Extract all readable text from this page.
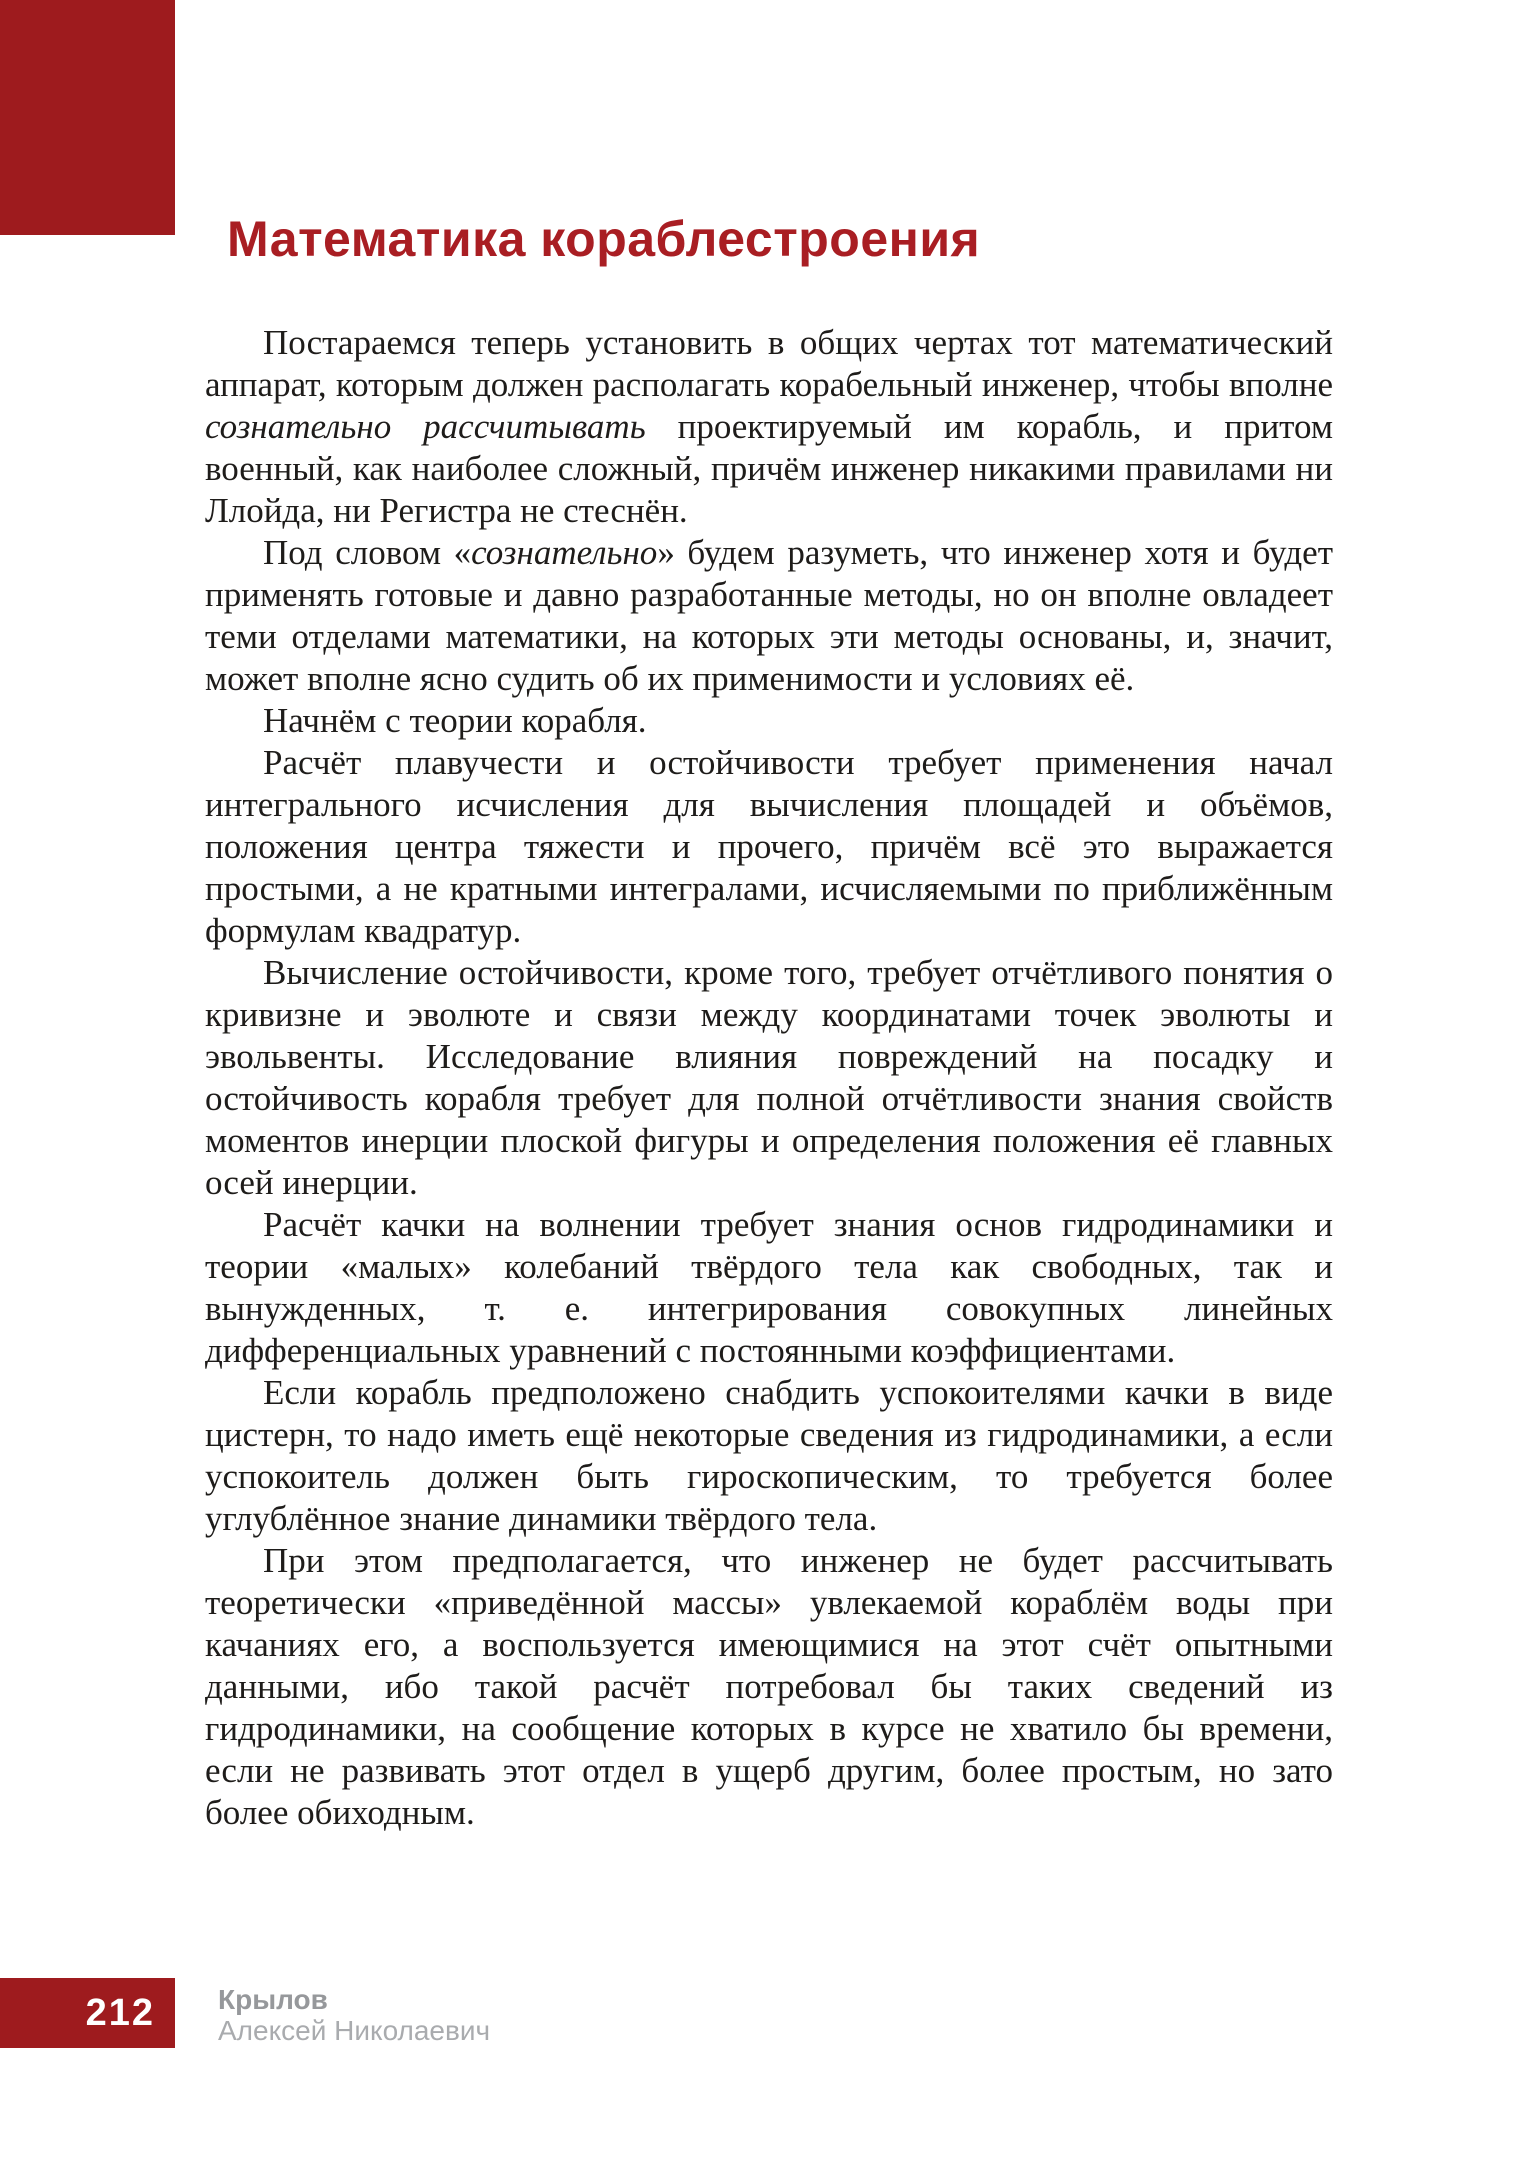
Математика кораблестроения

Постараемся теперь установить в общих чертах тот математический аппарат, которым должен располагать корабельный инженер, чтобы вполне сознательно рассчитывать проектируемый им корабль, и притом военный, как наиболее сложный, причём инженер никакими правилами ни Ллойда, ни Регистра не стеснён.

Под словом «сознательно» будем разуметь, что инженер хотя и будет применять готовые и давно разработанные методы, но он вполне овладеет теми отделами математики, на которых эти методы основаны, и, значит, может вполне ясно судить об их применимости и условиях её.

Начнём с теории корабля.

Расчёт плавучести и остойчивости требует применения начал интегрального исчисления для вычисления площадей и объёмов, положения центра тяжести и прочего, причём всё это выражается простыми, а не кратными интегралами, исчисляемыми по приближённым формулам квадратур.

Вычисление остойчивости, кроме того, требует отчётливого понятия о кривизне и эволюте и связи между координатами точек эволюты и эвольвенты. Исследование влияния повреждений на посадку и остойчивость корабля требует для полной отчётливости знания свойств моментов инерции плоской фигуры и определения положения её главных осей инерции.

Расчёт качки на волнении требует знания основ гидродинамики и теории «малых» колебаний твёрдого тела как свободных, так и вынужденных, т. е. интегрирования совокупных линейных дифференциальных уравнений с постоянными коэффициентами.

Если корабль предположено снабдить успокоителями качки в виде цистерн, то надо иметь ещё некоторые сведения из гидродинамики, а если успокоитель должен быть гироскопическим, то требуется более углублённое знание динамики твёрдого тела.

При этом предполагается, что инженер не будет рассчитывать теоретически «приведённой массы» увлекаемой кораблём воды при качаниях его, а воспользуется имеющимися на этот счёт опытными данными, ибо такой расчёт потребовал бы таких сведений из гидродинамики, на сообщение которых в курсе не хватило бы времени, если не развивать этот отдел в ущерб другим, более простым, но зато более обиходным.

212 Крылов
Алексей Николаевич
